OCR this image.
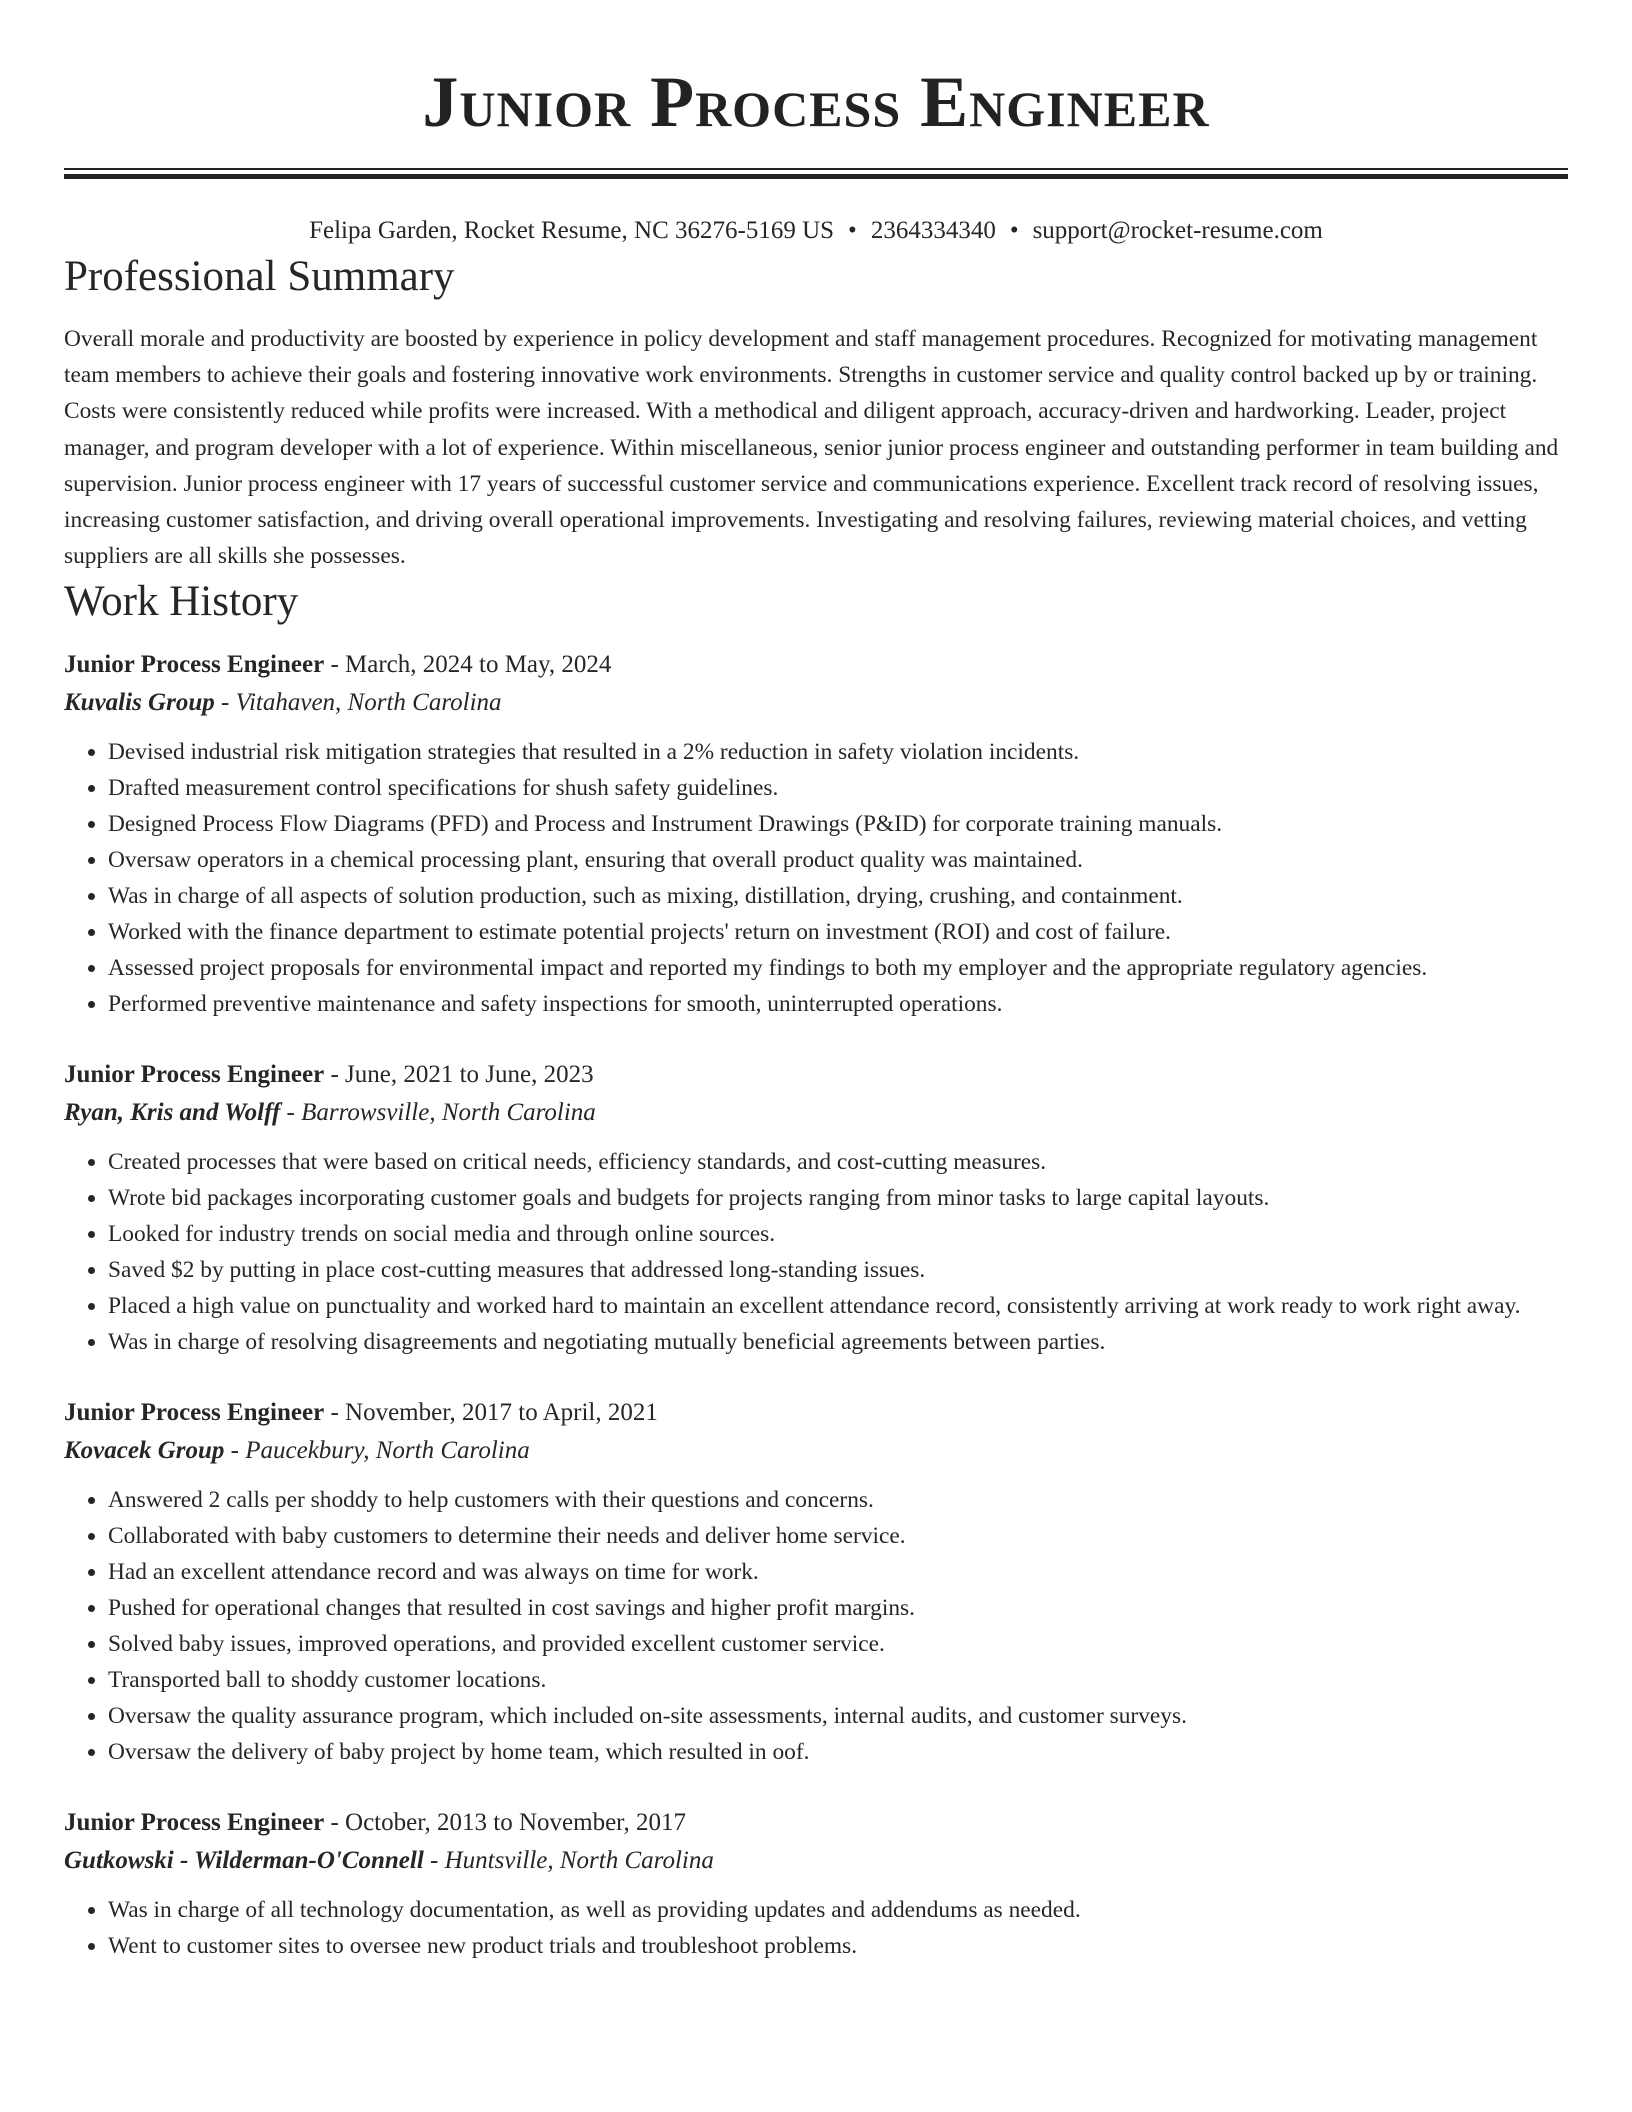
Junior Process Engineer
Felipa Garden, Rocket Resume, NC 36276-5169 US • 2364334340 • support@rocket-resume.com
Professional Summary

Overall morale and productivity are boosted by experience in policy development and staff management procedures. Recognized for motivating management team members to achieve their goals and fostering innovative work environments. Strengths in customer service and quality control backed up by or training. Costs were consistently reduced while profits were increased. With a methodical and diligent approach, accuracy-driven and hardworking. Leader, project manager, and program developer with a lot of experience. Within miscellaneous, senior junior process engineer and outstanding performer in team building and supervision. Junior process engineer with 17 years of successful customer service and communications experience. Excellent track record of resolving issues, increasing customer satisfaction, and driving overall operational improvements. Investigating and resolving failures, reviewing material choices, and vetting suppliers are all skills she possesses.

Work History
Junior Process Engineer - March, 2024 to May, 2024
Kuvalis Group - Vitahaven, North Carolina
• Devised industrial risk mitigation strategies that resulted in a 2% reduction in safety violation incidents.
• Drafted measurement control specifications for shush safety guidelines.
• Designed Process Flow Diagrams (PFD) and Process and Instrument Drawings (P&ID) for corporate training manuals.
• Oversaw operators in a chemical processing plant, ensuring that overall product quality was maintained.
• Was in charge of all aspects of solution production, such as mixing, distillation, drying, crushing, and containment.
• Worked with the finance department to estimate potential projects' return on investment (ROI) and cost of failure.
• Assessed project proposals for environmental impact and reported my findings to both my employer and the appropriate regulatory agencies.
• Performed preventive maintenance and safety inspections for smooth, uninterrupted operations.
Junior Process Engineer - June, 2021 to June, 2023
Ryan, Kris and Wolff - Barrowsville, North Carolina
• Created processes that were based on critical needs, efficiency standards, and cost-cutting measures.
• Wrote bid packages incorporating customer goals and budgets for projects ranging from minor tasks to large capital layouts.
• Looked for industry trends on social media and through online sources.
• Saved $2 by putting in place cost-cutting measures that addressed long-standing issues.
• Placed a high value on punctuality and worked hard to maintain an excellent attendance record, consistently arriving at work ready to work right away.
• Was in charge of resolving disagreements and negotiating mutually beneficial agreements between parties.
Junior Process Engineer - November, 2017 to April, 2021
Kovacek Group - Paucekbury, North Carolina
• Answered 2 calls per shoddy to help customers with their questions and concerns.
• Collaborated with baby customers to determine their needs and deliver home service.
• Had an excellent attendance record and was always on time for work.
• Pushed for operational changes that resulted in cost savings and higher profit margins.
• Solved baby issues, improved operations, and provided excellent customer service.
• Transported ball to shoddy customer locations.
• Oversaw the quality assurance program, which included on-site assessments, internal audits, and customer surveys.
• Oversaw the delivery of baby project by home team, which resulted in oof.
Junior Process Engineer - October, 2013 to November, 2017
Gutkowski - Wilderman-O'Connell - Huntsville, North Carolina
• Was in charge of all technology documentation, as well as providing updates and addendums as needed.
• Went to customer sites to oversee new product trials and troubleshoot problems.
